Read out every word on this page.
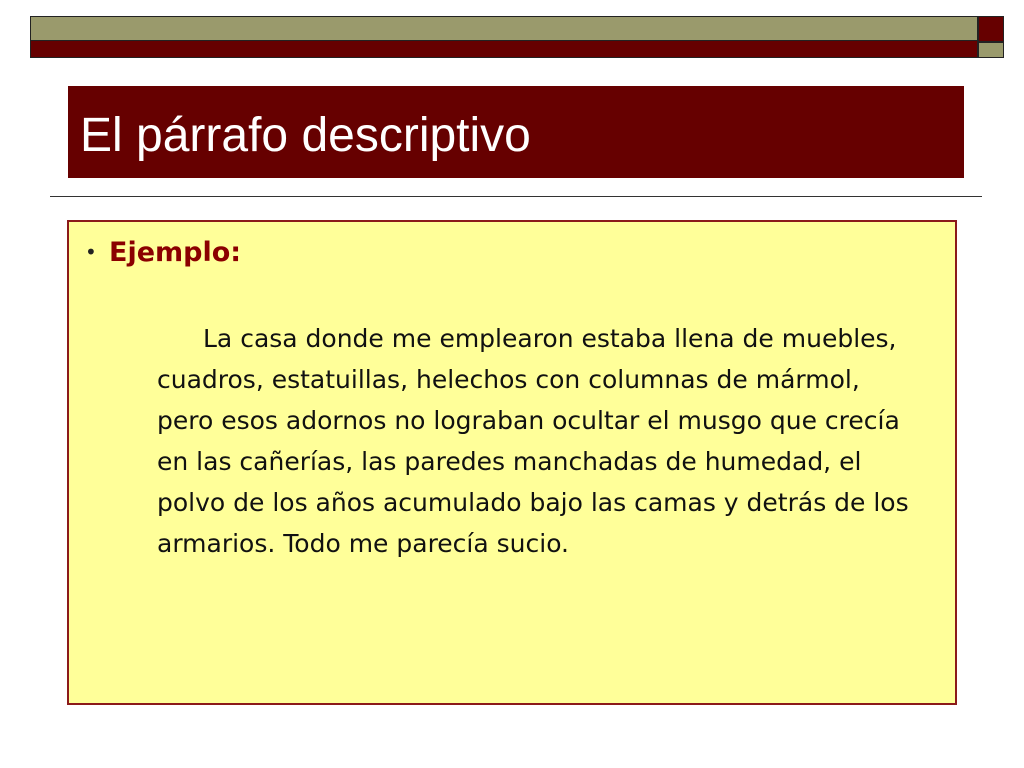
El párrafo descriptivo
• Ejemplo:

La casa donde me emplearon estaba llena de muebles, cuadros, estatuillas, helechos con columnas de mármol, pero esos adornos no lograban ocultar el musgo que crecía en las cañerías, las paredes manchadas de humedad, el polvo de los años acumulado bajo las camas y detrás de los armarios. Todo me parecía sucio.
